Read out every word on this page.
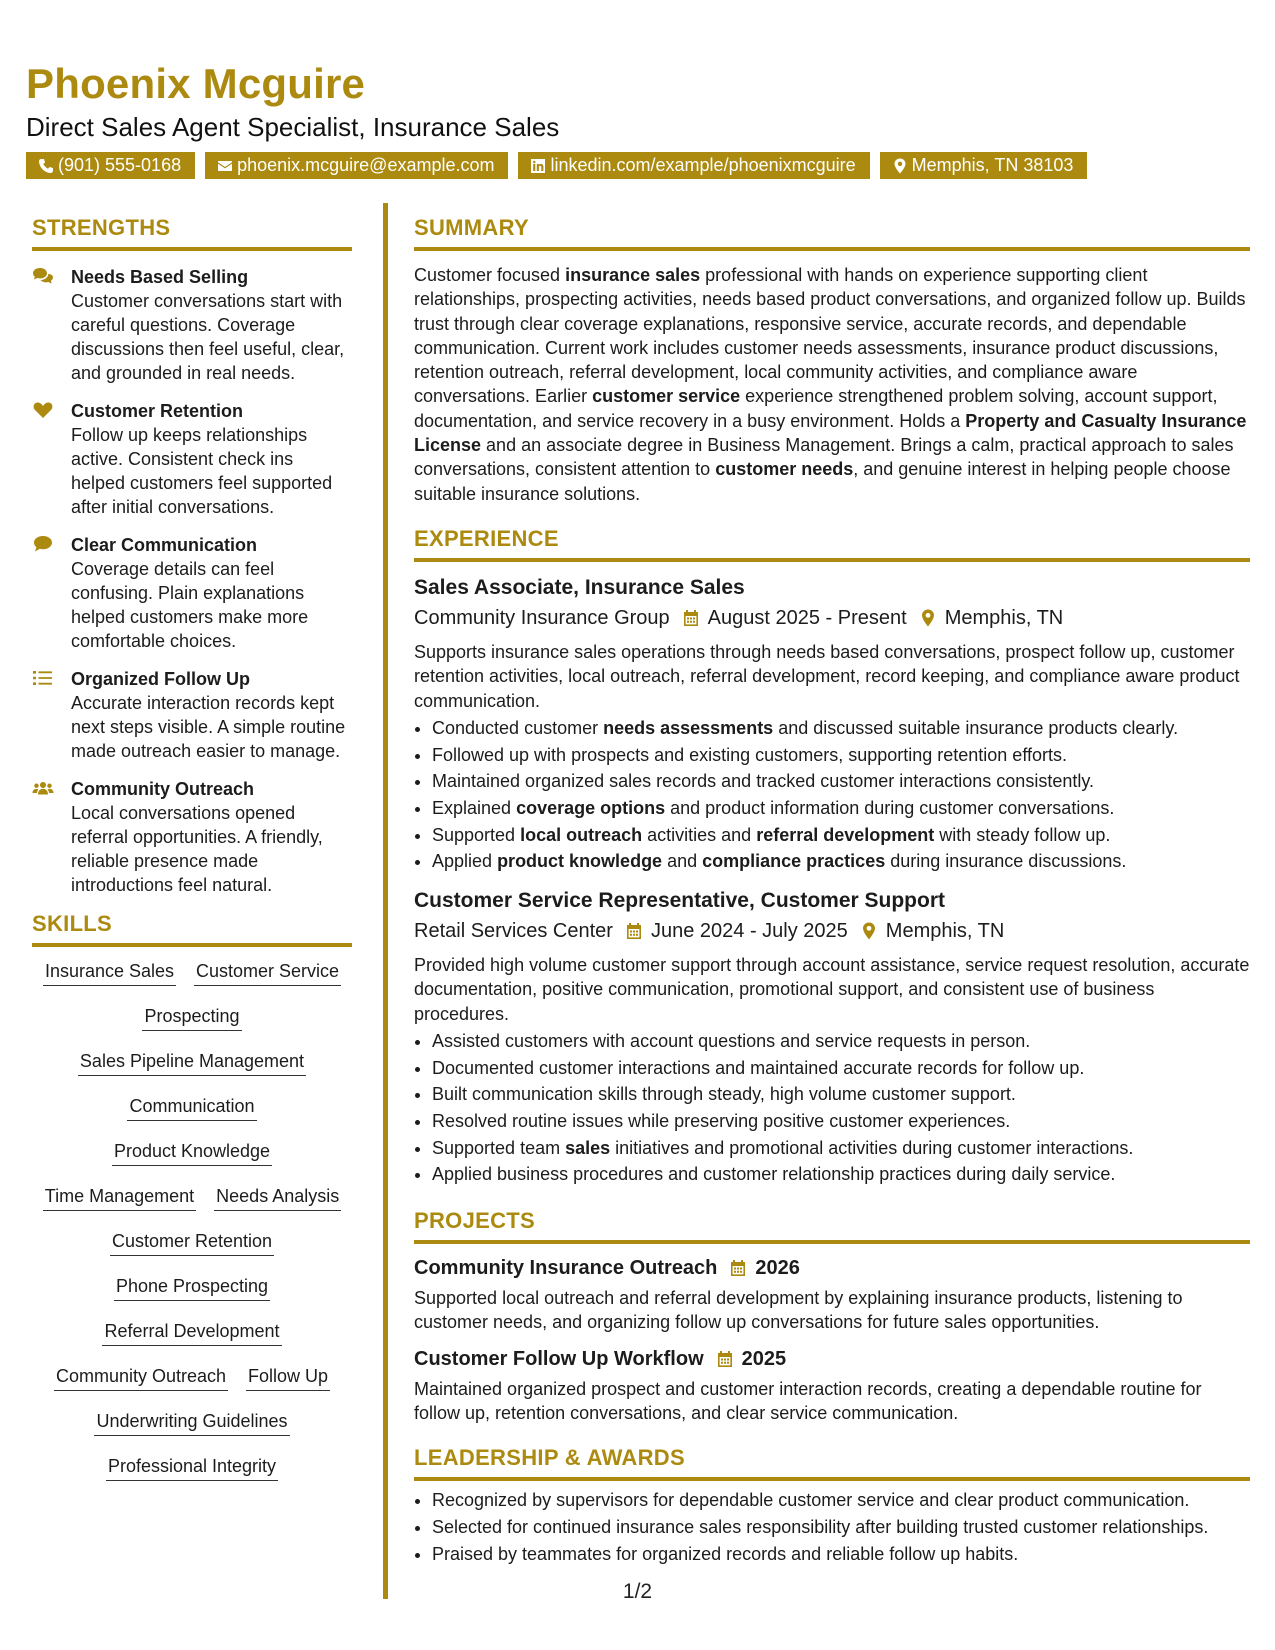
Phoenix Mcguire
Direct Sales Agent Specialist, Insurance Sales
(901) 555-0168	phoenix.mcguire@example.com	linkedin.com/example/phoenixmcguire	Memphis, TN 38103
STRENGTHS
Needs Based Selling
Customer conversations start with careful questions. Coverage discussions then feel useful, clear, and grounded in real needs.
Customer Retention
Follow up keeps relationships active. Consistent check ins helped customers feel supported after initial conversations.
Clear Communication
Coverage details can feel confusing. Plain explanations helped customers make more comfortable choices.
Organized Follow Up
Accurate interaction records kept next steps visible. A simple routine made outreach easier to manage.
Community Outreach
Local conversations opened referral opportunities. A friendly, reliable presence made introductions feel natural.
SKILLS
Insurance Sales Customer Service
Prospecting
Sales Pipeline Management
Communication
Product Knowledge
Time Management Needs Analysis
Customer Retention
Phone Prospecting
Referral Development
Community Outreach Follow Up
Underwriting Guidelines
Professional Integrity
SUMMARY

Customer focused insurance sales professional with hands on experience supporting client relationships, prospecting activities, needs based product conversations, and organized follow up. Builds trust through clear coverage explanations, responsive service, accurate records, and dependable communication. Current work includes customer needs assessments, insurance product discussions, retention outreach, referral development, local community activities, and compliance aware conversations. Earlier customer service experience strengthened problem solving, account support, documentation, and service recovery in a busy environment. Holds a Property and Casualty Insurance License and an associate degree in Business Management. Brings a calm, practical approach to sales conversations, consistent attention to customer needs, and genuine interest in helping people choose suitable insurance solutions.

EXPERIENCE
Sales Associate, Insurance Sales
Community Insurance Group August 2025 - Present Memphis, TN

Supports insurance sales operations through needs based conversations, prospect follow up, customer retention activities, local outreach, referral development, record keeping, and compliance aware product communication.

• Conducted customer needs assessments and discussed suitable insurance products clearly.
• Followed up with prospects and existing customers, supporting retention efforts.
• Maintained organized sales records and tracked customer interactions consistently.
• Explained coverage options and product information during customer conversations.
• Supported local outreach activities and referral development with steady follow up.
• Applied product knowledge and compliance practices during insurance discussions.
Customer Service Representative, Customer Support
Retail Services Center June 2024 - July 2025 Memphis, TN

Provided high volume customer support through account assistance, service request resolution, accurate documentation, positive communication, promotional support, and consistent use of business procedures.

• Assisted customers with account questions and service requests in person.
• Documented customer interactions and maintained accurate records for follow up.
• Built communication skills through steady, high volume customer support.
• Resolved routine issues while preserving positive customer experiences.
• Supported team sales initiatives and promotional activities during customer interactions.
• Applied business procedures and customer relationship practices during daily service.
PROJECTS
Community Insurance Outreach 2026

Supported local outreach and referral development by explaining insurance products, listening to customer needs, and organizing follow up conversations for future sales opportunities.

Customer Follow Up Workflow 2025

Maintained organized prospect and customer interaction records, creating a dependable routine for follow up, retention conversations, and clear service communication.

LEADERSHIP & AWARDS
• Recognized by supervisors for dependable customer service and clear product communication.
• Selected for continued insurance sales responsibility after building trusted customer relationships.
• Praised by teammates for organized records and reliable follow up habits.
1/2
